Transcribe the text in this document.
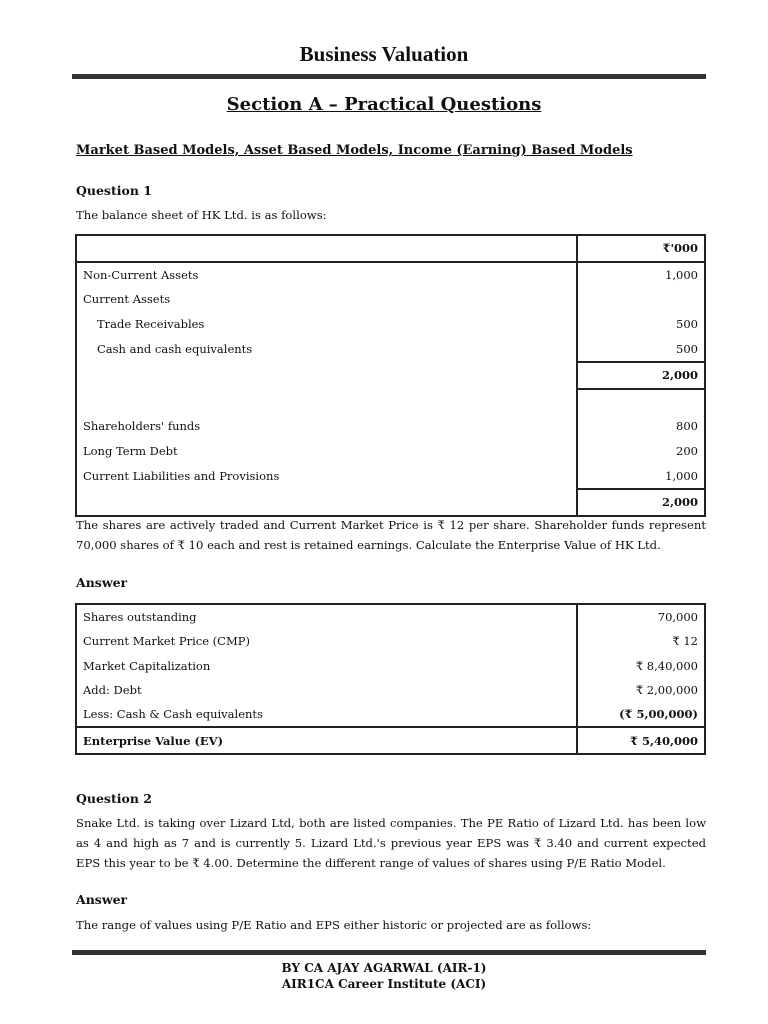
Business Valuation
Section A – Practical Questions
Market Based Models, Asset Based Models, Income (Earning) Based Models
Question 1
The balance sheet of HK Ltd. is as follows:
	₹'000
Non-Current Assets	1,000
Current Assets	
Trade Receivables	500
Cash and cash equivalents	500
	2,000

Shareholders' funds	800
Long Term Debt	200
Current Liabilities and Provisions	1,000
	2,000
The shares are actively traded and Current Market Price is ₹ 12 per share. Shareholder funds represent 70,000 shares of ₹ 10 each and rest is retained earnings. Calculate the Enterprise Value of HK Ltd.
Answer
Shares outstanding	70,000
Current Market Price (CMP)	₹ 12
Market Capitalization	₹ 8,40,000
Add: Debt	₹ 2,00,000
Less: Cash & Cash equivalents	(₹ 5,00,000)
Enterprise Value (EV)	₹ 5,40,000
Question 2
Snake Ltd. is taking over Lizard Ltd, both are listed companies. The PE Ratio of Lizard Ltd. has been low as 4 and high as 7 and is currently 5. Lizard Ltd.'s previous year EPS was ₹ 3.40 and current expected EPS this year to be ₹ 4.00. Determine the different range of values of shares using P/E Ratio Model.
Answer
The range of values using P/E Ratio and EPS either historic or projected are as follows:
BY CA AJAY AGARWAL (AIR-1)
AIR1CA Career Institute (ACI)
